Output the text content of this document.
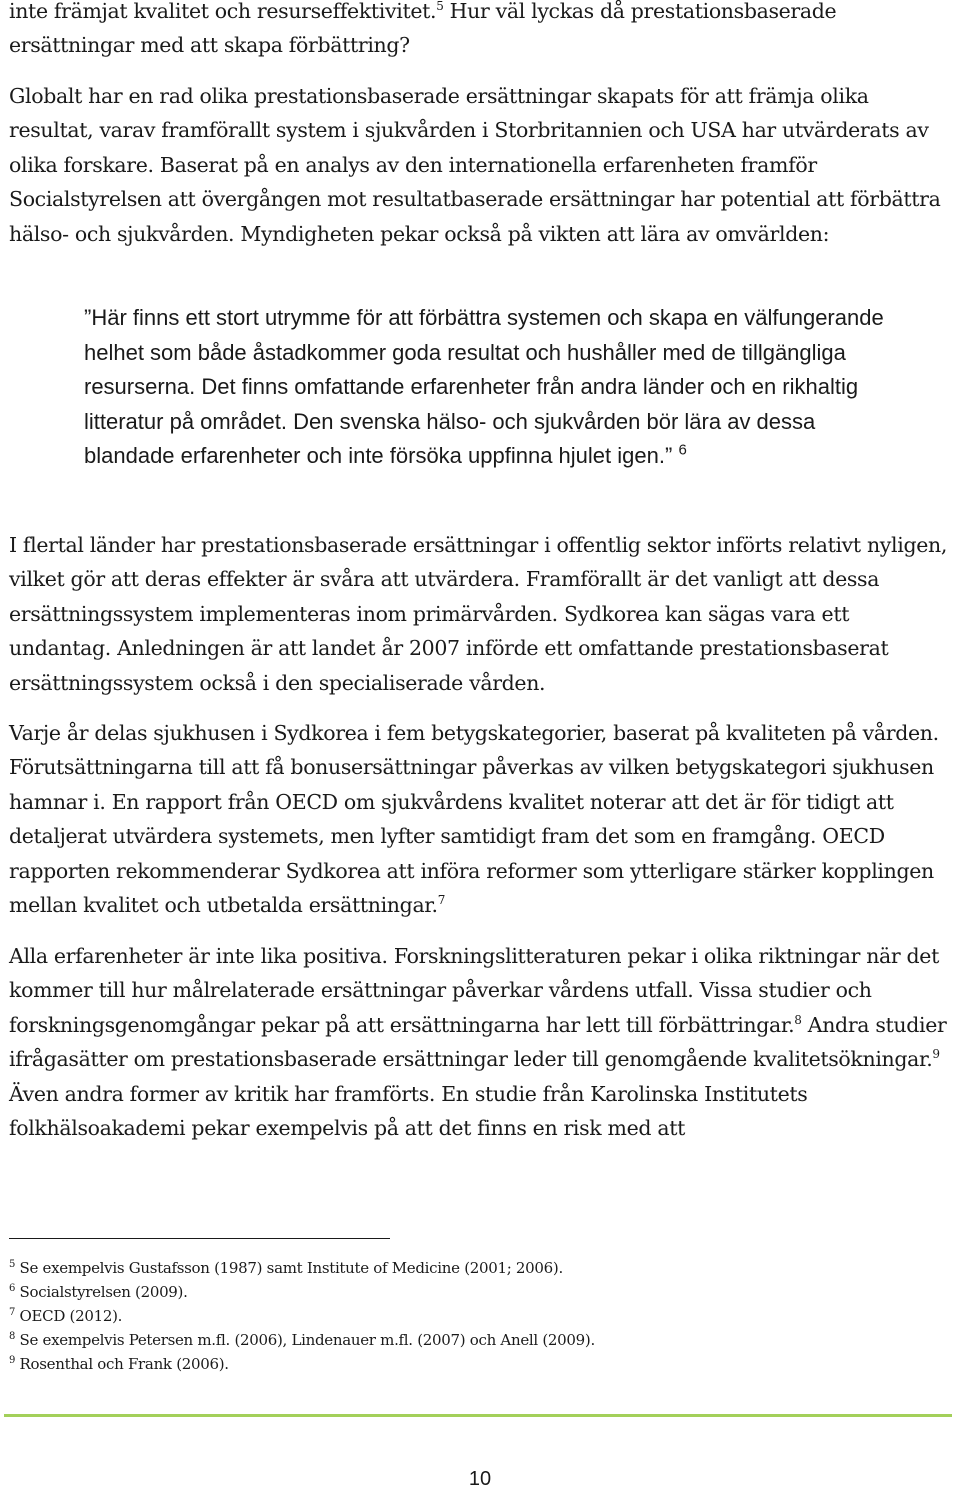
inte främjat kvalitet och resurseffektivitet.$^5$ Hur väl lyckas då prestationsbaserade ersättningar med att skapa förbättring?

Globalt har en rad olika prestationsbaserade ersättningar skapats för att främja olika resultat, varav framförallt system i sjukvården i Storbritannien och USA har utvärderats av olika forskare. Baserat på en analys av den internationella erfarenheten framför Socialstyrelsen att övergången mot resultatbaserade ersättningar har potential att förbättra hälso- och sjukvården. Myndigheten pekar också på vikten att lära av omvärlden:

”Här finns ett stort utrymme för att förbättra systemen och skapa en välfungerande helhet som både åstadkommer goda resultat och hushåller med de tillgängliga resurserna. Det finns omfattande erfarenheter från andra länder och en rikhaltig litteratur på området. Den svenska hälso- och sjukvården bör lära av dessa blandade erfarenheter och inte försöka uppfinna hjulet igen.” $^6$

I flertal länder har prestationsbaserade ersättningar i offentlig sektor införts relativt nyligen, vilket gör att deras effekter är svåra att utvärdera. Framförallt är det vanligt att dessa ersättningssystem implementeras inom primärvården. Sydkorea kan sägas vara ett undantag. Anledningen är att landet år 2007 införde ett omfattande prestationsbaserat ersättningssystem också i den specialiserade vården.

Varje år delas sjukhusen i Sydkorea i fem betygskategorier, baserat på kvaliteten på vården. Förutsättningarna till att få bonusersättningar påverkas av vilken betygskategori sjukhusen hamnar i. En rapport från OECD om sjukvårdens kvalitet noterar att det är för tidigt att detaljerat utvärdera systemets, men lyfter samtidigt fram det som en framgång. OECD rapporten rekommenderar Sydkorea att införa reformer som ytterligare stärker kopplingen mellan kvalitet och utbetalda ersättningar.$^7$

Alla erfarenheter är inte lika positiva. Forskningslitteraturen pekar i olika riktningar när det kommer till hur målrelaterade ersättningar påverkar vårdens utfall. Vissa studier och forskningsgenomgångar pekar på att ersättningarna har lett till förbättringar.$^8$ Andra studier ifrågasätter om prestationsbaserade ersättningar leder till genomgående kvalitetsökningar.$^9$ Även andra former av kritik har framförts. En studie från Karolinska Institutets folkhälsoakademi pekar exempelvis på att det finns en risk med att

$^5$ Se exempelvis Gustafsson (1987) samt Institute of Medicine (2001; 2006).

$^6$ Socialstyrelsen (2009).

$^7$ OECD (2012).

$^8$ Se exempelvis Petersen m.fl. (2006), Lindenauer m.fl. (2007) och Anell (2009).

$^9$ Rosenthal och Frank (2006).

10
